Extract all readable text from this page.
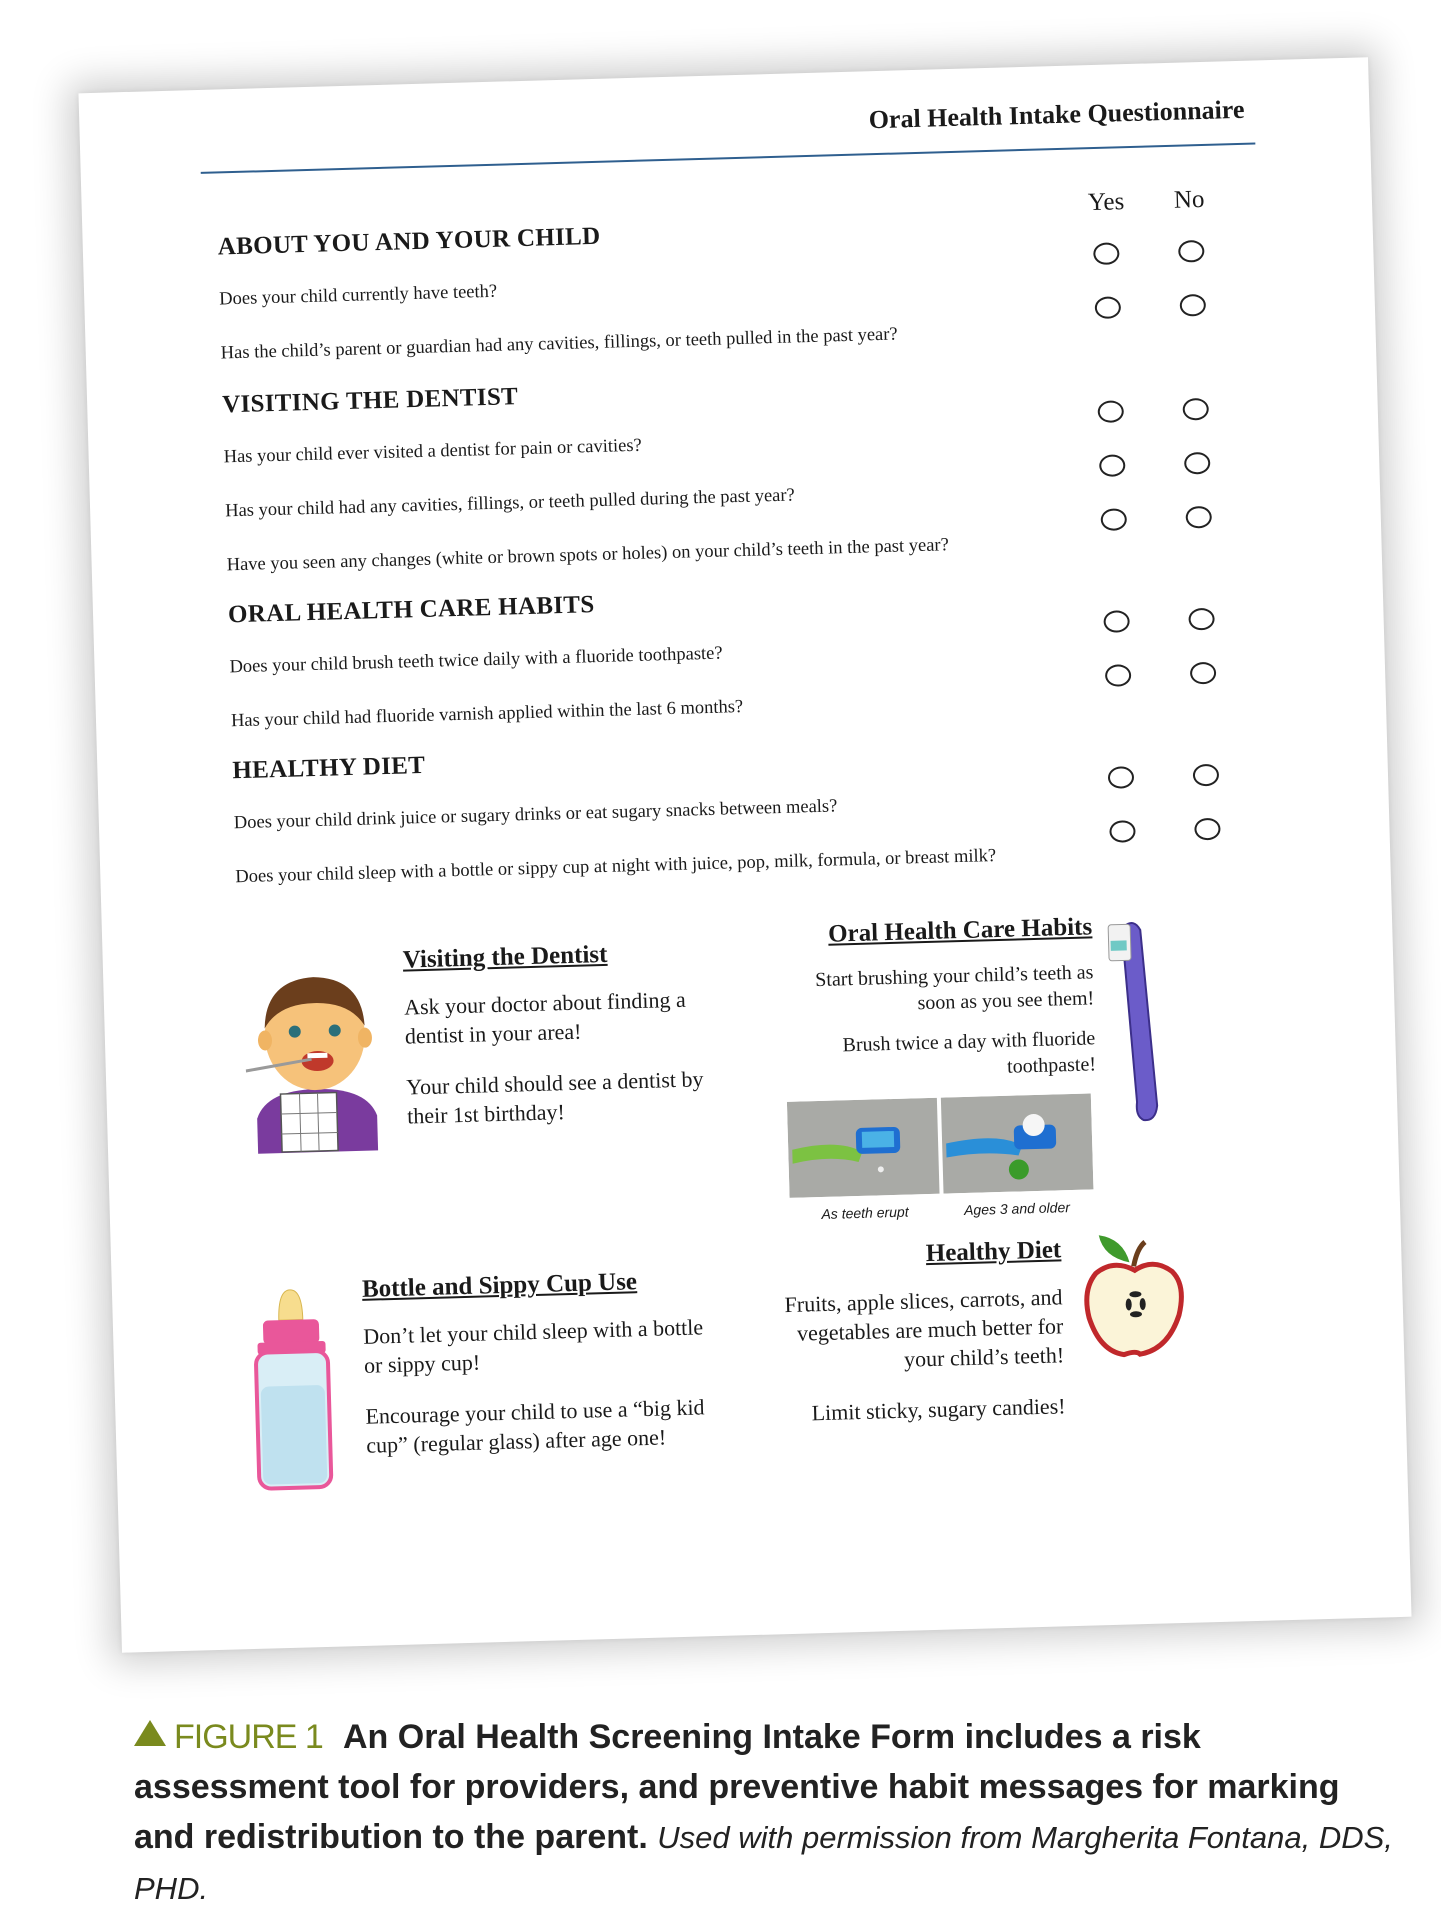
Oral Health Intake Questionnaire
Yes No
ABOUT YOU AND YOUR CHILD
Does your child currently have teeth?
Has the child’s parent or guardian had any cavities, fillings, or teeth pulled in the past year?
VISITING THE DENTIST
Has your child ever visited a dentist for pain or cavities?
Has your child had any cavities, fillings, or teeth pulled during the past year?
Have you seen any changes (white or brown spots or holes) on your child’s teeth in the past year?
ORAL HEALTH CARE HABITS
Does your child brush teeth twice daily with a fluoride toothpaste?
Has your child had fluoride varnish applied within the last 6 months?
HEALTHY DIET
Does your child drink juice or sugary drinks or eat sugary snacks between meals?
Does your child sleep with a bottle or sippy cup at night with juice, pop, milk, formula, or breast milk?
Visiting the Dentist

Ask your doctor about finding a dentist in your area!

Your child should see a dentist by their 1st birthday!

Oral Health Care Habits

Start brushing your child’s teeth as soon as you see them!

Brush twice a day with fluoride toothpaste!

As teeth erupt	Ages 3 and older
Bottle and Sippy Cup Use

Don’t let your child sleep with a bottle or sippy cup!

Encourage your child to use a “big kid cup” (regular glass) after age one!

Healthy Diet

Fruits, apple slices, carrots, and vegetables are much better for your child’s teeth!

Limit sticky, sugary candies!

FIGURE 1 An Oral Health Screening Intake Form includes a risk assessment tool for providers, and preventive habit messages for marking and redistribution to the parent. Used with permission from Margherita Fontana, DDS, PHD.
